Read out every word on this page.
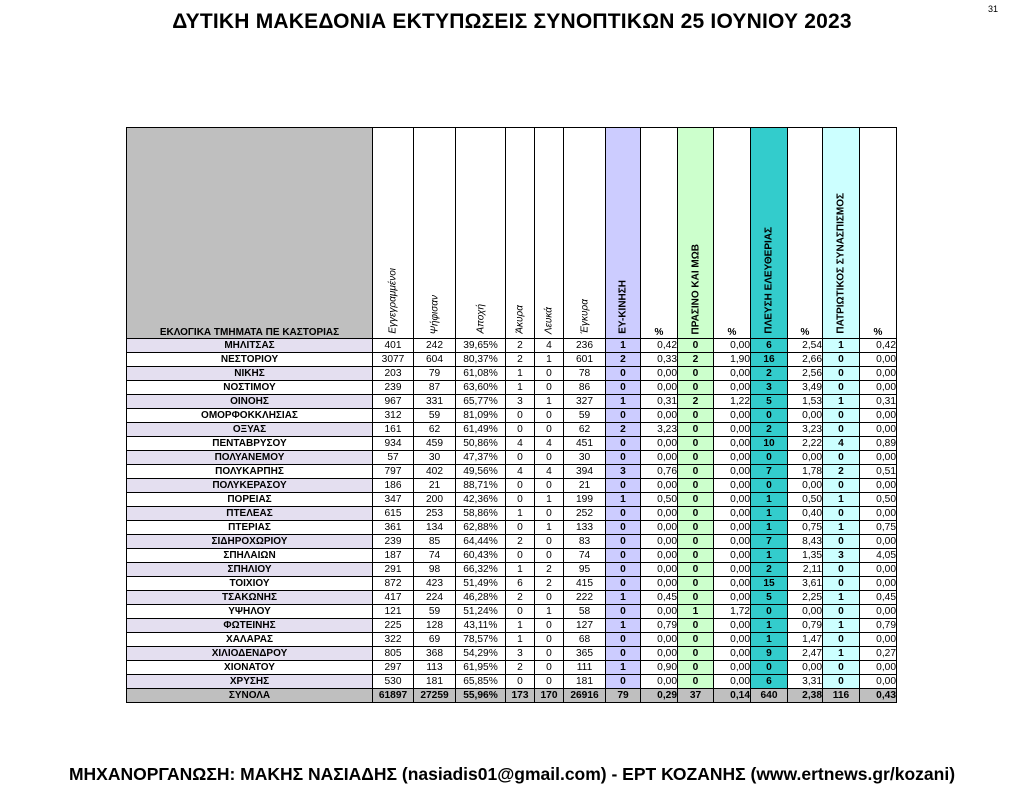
ΔΥΤΙΚΗ ΜΑΚΕΔΟΝΙΑ ΕΚΤΥΠΩΣΕΙΣ ΣΥΝΟΠΤΙΚΩΝ 25 ΙΟΥΝΙΟΥ 2023
31
ΕΚΛΟΓΙΚΑ ΤΜΗΜΑΤΑ ΠΕ ΚΑΣΤΟΡΙΑΣ	Εγγεγραμμένοι	Ψήφισαν	Αποχή	Άκυρα	Λευκά	Έγκυρα	ΕΥ-ΚΙΝΗΣΗ	%	ΠΡΑΣΙΝΟ ΚΑΙ ΜΩΒ	%	ΠΛΕΥΣΗ ΕΛΕΥΘΕΡΙΑΣ	%	ΠΑΤΡΙΩΤΙΚΟΣ ΣΥΝΑΣΠΙΣΜΟΣ	%
ΜΗΛΙΤΣΑΣ	401	242	39,65%	2	4	236	1	0,42	0	0,00	6	2,54	1	0,42
ΝΕΣΤΟΡΙΟΥ	3077	604	80,37%	2	1	601	2	0,33	2	1,90	16	2,66	0	0,00
ΝΙΚΗΣ	203	79	61,08%	1	0	78	0	0,00	0	0,00	2	2,56	0	0,00
ΝΟΣΤΙΜΟΥ	239	87	63,60%	1	0	86	0	0,00	0	0,00	3	3,49	0	0,00
ΟΙΝΟΗΣ	967	331	65,77%	3	1	327	1	0,31	2	1,22	5	1,53	1	0,31
ΟΜΟΡΦΟΚΚΛΗΣΙΑΣ	312	59	81,09%	0	0	59	0	0,00	0	0,00	0	0,00	0	0,00
ΟΞΥΑΣ	161	62	61,49%	0	0	62	2	3,23	0	0,00	2	3,23	0	0,00
ΠΕΝΤΑΒΡΥΣΟΥ	934	459	50,86%	4	4	451	0	0,00	0	0,00	10	2,22	4	0,89
ΠΟΛΥΑΝΕΜΟΥ	57	30	47,37%	0	0	30	0	0,00	0	0,00	0	0,00	0	0,00
ΠΟΛΥΚΑΡΠΗΣ	797	402	49,56%	4	4	394	3	0,76	0	0,00	7	1,78	2	0,51
ΠΟΛΥΚΕΡΑΣΟΥ	186	21	88,71%	0	0	21	0	0,00	0	0,00	0	0,00	0	0,00
ΠΟΡΕΙΑΣ	347	200	42,36%	0	1	199	1	0,50	0	0,00	1	0,50	1	0,50
ΠΤΕΛΕΑΣ	615	253	58,86%	1	0	252	0	0,00	0	0,00	1	0,40	0	0,00
ΠΤΕΡΙΑΣ	361	134	62,88%	0	1	133	0	0,00	0	0,00	1	0,75	1	0,75
ΣΙΔΗΡΟΧΩΡΙΟΥ	239	85	64,44%	2	0	83	0	0,00	0	0,00	7	8,43	0	0,00
ΣΠΗΛΑΙΩΝ	187	74	60,43%	0	0	74	0	0,00	0	0,00	1	1,35	3	4,05
ΣΠΗΛΙΟΥ	291	98	66,32%	1	2	95	0	0,00	0	0,00	2	2,11	0	0,00
ΤΟΙΧΙΟΥ	872	423	51,49%	6	2	415	0	0,00	0	0,00	15	3,61	0	0,00
ΤΣΑΚΩΝΗΣ	417	224	46,28%	2	0	222	1	0,45	0	0,00	5	2,25	1	0,45
ΥΨΗΛΟΥ	121	59	51,24%	0	1	58	0	0,00	1	1,72	0	0,00	0	0,00
ΦΩΤΕΙΝΗΣ	225	128	43,11%	1	0	127	1	0,79	0	0,00	1	0,79	1	0,79
ΧΑΛΑΡΑΣ	322	69	78,57%	1	0	68	0	0,00	0	0,00	1	1,47	0	0,00
ΧΙΛΙΟΔΕΝΔΡΟΥ	805	368	54,29%	3	0	365	0	0,00	0	0,00	9	2,47	1	0,27
ΧΙΟΝΑΤΟΥ	297	113	61,95%	2	0	111	1	0,90	0	0,00	0	0,00	0	0,00
ΧΡΥΣΗΣ	530	181	65,85%	0	0	181	0	0,00	0	0,00	6	3,31	0	0,00
ΣΥΝΟΛΑ	61897	27259	55,96%	173	170	26916	79	0,29	37	0,14	640	2,38	116	0,43
ΜΗΧΑΝΟΡΓΑΝΩΣΗ: ΜΑΚΗΣ ΝΑΣΙΑΔΗΣ (nasiadis01@gmail.com) - ΕΡΤ ΚΟΖΑΝΗΣ (www.ertnews.gr/kozani)
